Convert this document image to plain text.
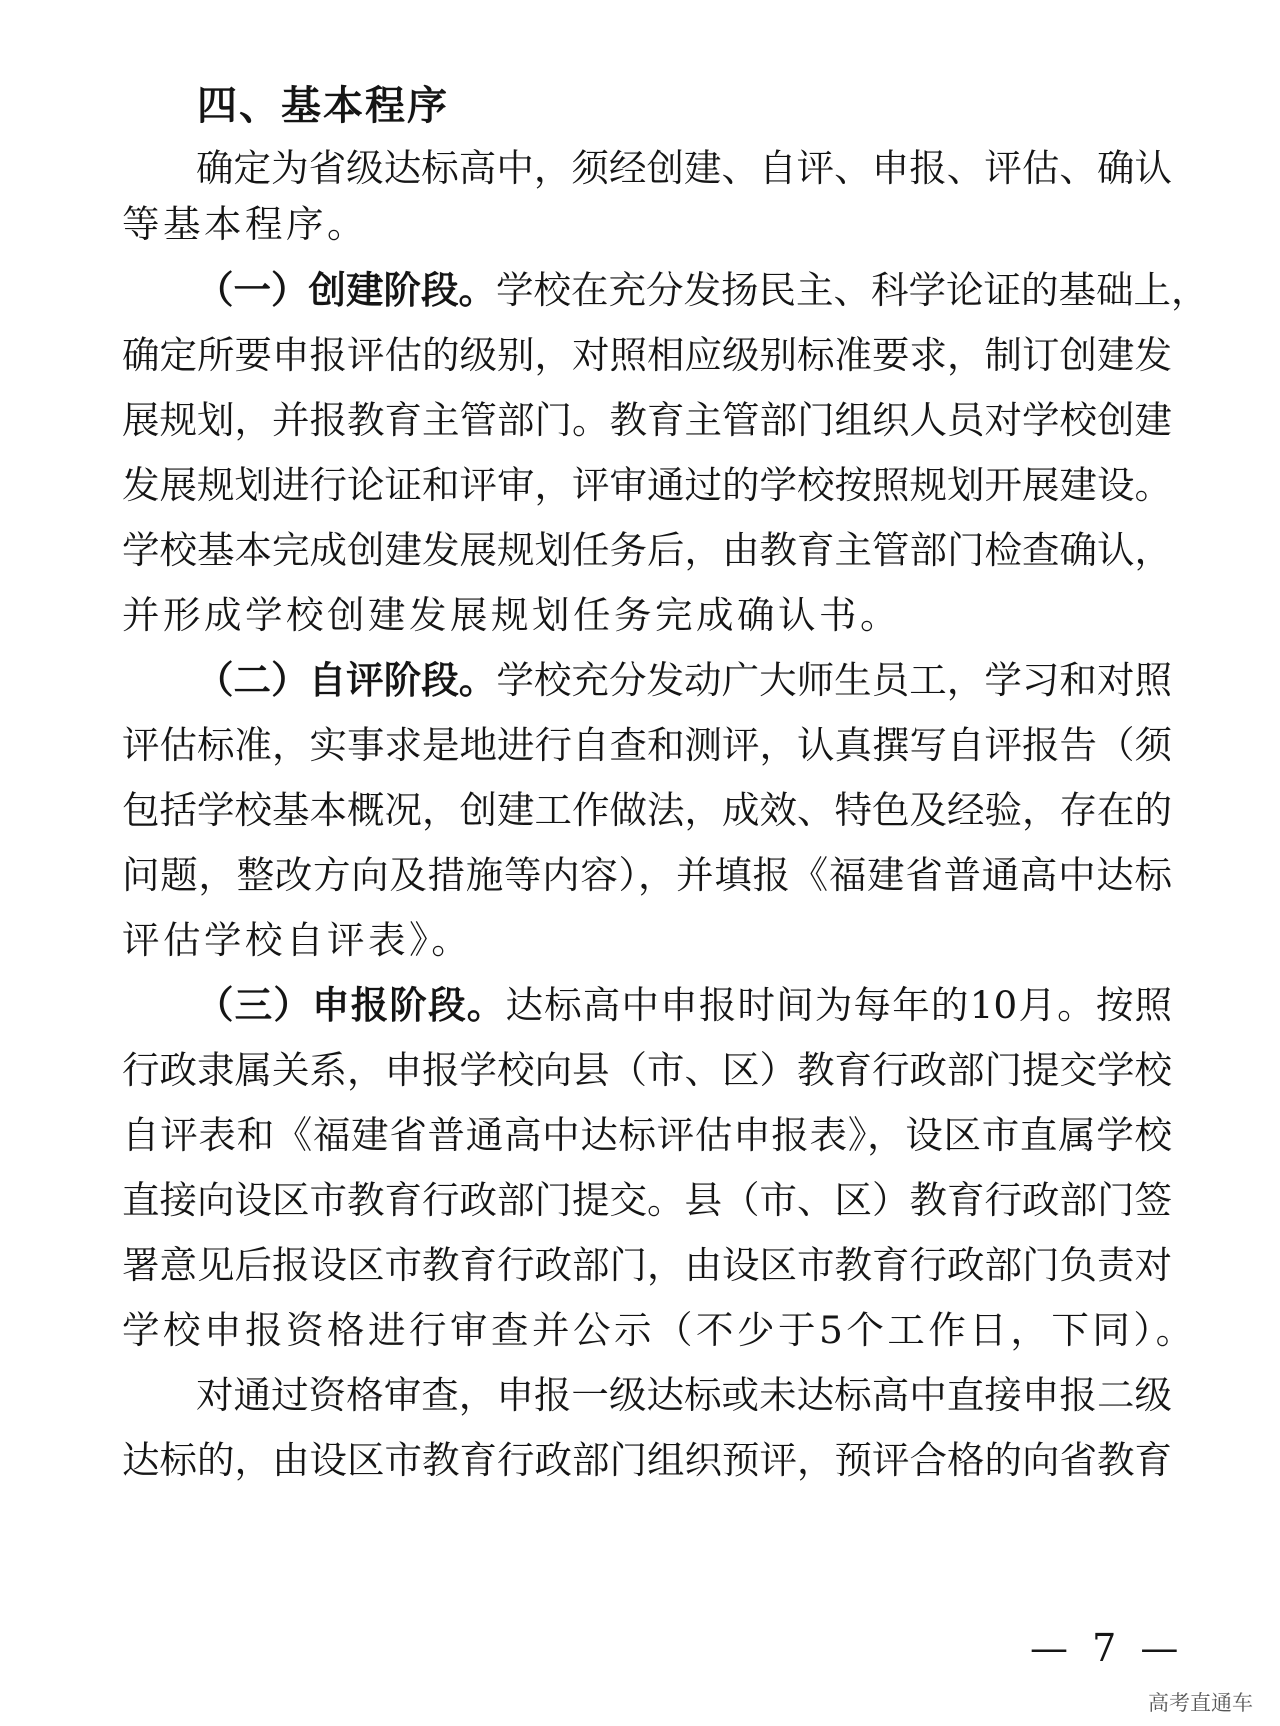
四、基本程序
确定为省级达标高中，须经创建、自评、申报、评估、确认
等基本程序。
（一）创建阶段。学校在充分发扬民主、科学论证的基础上，
确定所要申报评估的级别，对照相应级别标准要求，制订创建发
展规划，并报教育主管部门。教育主管部门组织人员对学校创建
发展规划进行论证和评审，评审通过的学校按照规划开展建设。
学校基本完成创建发展规划任务后，由教育主管部门检查确认，
并形成学校创建发展规划任务完成确认书。
（二）自评阶段。学校充分发动广大师生员工，学习和对照
评估标准，实事求是地进行自查和测评，认真撰写自评报告（须
包括学校基本概况，创建工作做法，成效、特色及经验，存在的
问题，整改方向及措施等内容），并填报《福建省普通高中达标
评估学校自评表》。
（三）申报阶段。达标高中申报时间为每年的10月。按照
行政隶属关系，申报学校向县（市、区）教育行政部门提交学校
自评表和《福建省普通高中达标评估申报表》，设区市直属学校
直接向设区市教育行政部门提交。县（市、区）教育行政部门签
署意见后报设区市教育行政部门，由设区市教育行政部门负责对
学校申报资格进行审查并公示（不少于5个工作日，下同）。
对通过资格审查，申报一级达标或未达标高中直接申报二级
达标的，由设区市教育行政部门组织预评，预评合格的向省教育
— 7 —
高考直通车
